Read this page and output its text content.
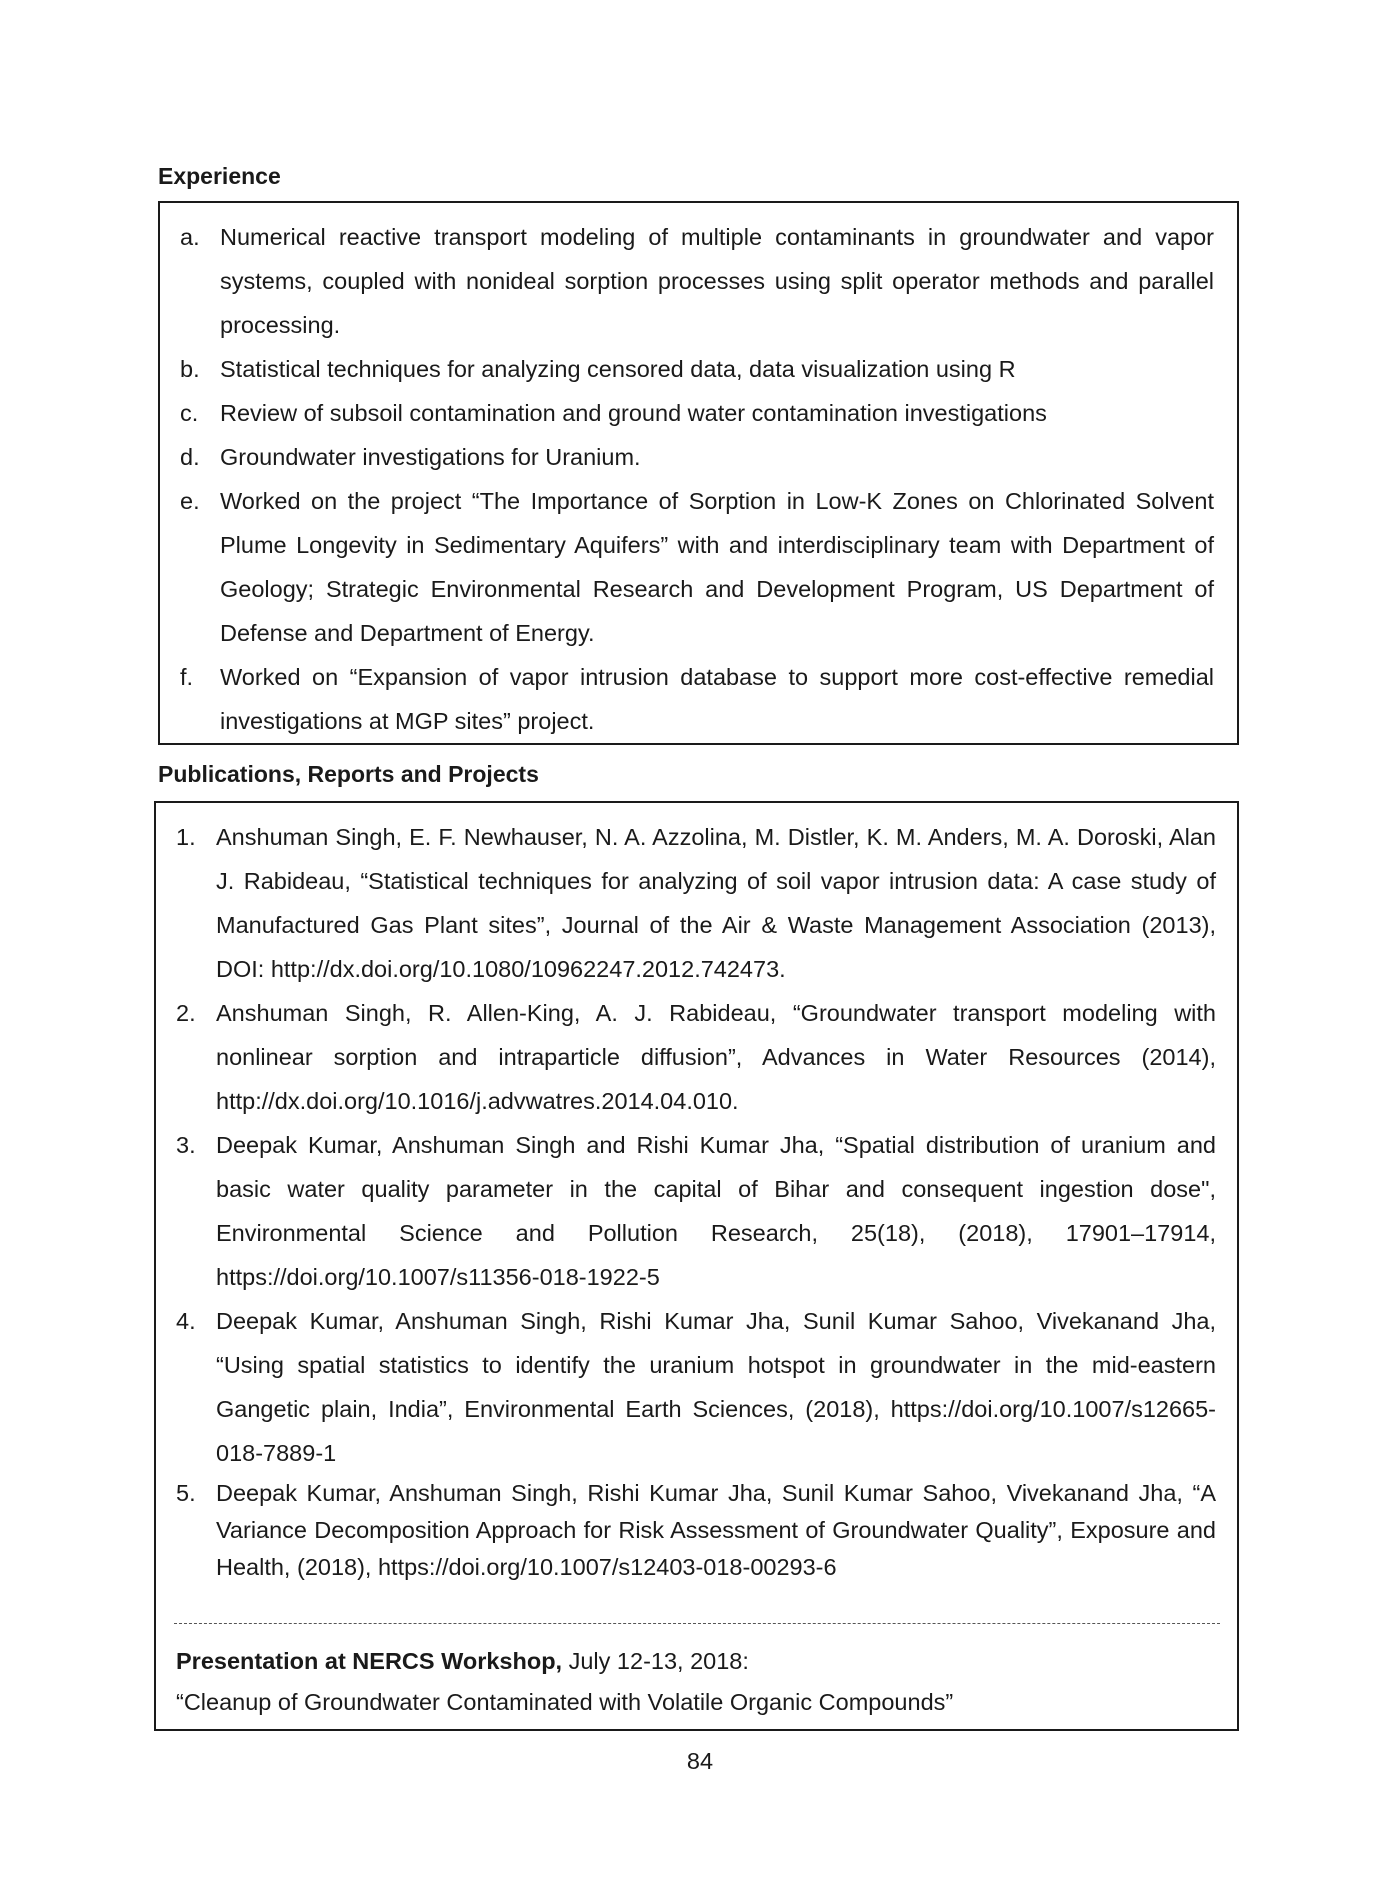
Experience
a. Numerical reactive transport modeling of multiple contaminants in groundwater and vapor systems, coupled with nonideal sorption processes using split operator methods and parallel processing.
b. Statistical techniques for analyzing censored data, data visualization using R
c. Review of subsoil contamination and ground water contamination investigations
d. Groundwater investigations for Uranium.
e. Worked on the project “The Importance of Sorption in Low-K Zones on Chlorinated Solvent Plume Longevity in Sedimentary Aquifers” with and interdisciplinary team with Department of Geology; Strategic Environmental Research and Development Program, US Department of Defense and Department of Energy.
f. Worked on “Expansion of vapor intrusion database to support more cost-effective remedial investigations at MGP sites” project.
Publications, Reports and Projects
1. Anshuman Singh, E. F. Newhauser, N. A. Azzolina, M. Distler, K. M. Anders, M. A. Doroski, Alan J. Rabideau, “Statistical techniques for analyzing of soil vapor intrusion data: A case study of Manufactured Gas Plant sites”, Journal of the Air & Waste Management Association (2013), DOI: http://dx.doi.org/10.1080/10962247.2012.742473.
2. Anshuman Singh, R. Allen-King, A. J. Rabideau, “Groundwater transport modeling with nonlinear sorption and intraparticle diffusion”, Advances in Water Resources (2014), http://dx.doi.org/10.1016/j.advwatres.2014.04.010.
3. Deepak Kumar, Anshuman Singh and Rishi Kumar Jha, “Spatial distribution of uranium and basic water quality parameter in the capital of Bihar and consequent ingestion dose", Environmental Science and Pollution Research, 25(18), (2018), 17901–17914, https://doi.org/10.1007/s11356-018-1922-5
4. Deepak Kumar, Anshuman Singh, Rishi Kumar Jha, Sunil Kumar Sahoo, Vivekanand Jha, “Using spatial statistics to identify the uranium hotspot in groundwater in the mid-eastern Gangetic plain, India”, Environmental Earth Sciences, (2018), https://doi.org/10.1007/s12665-018-7889-1
5. Deepak Kumar, Anshuman Singh, Rishi Kumar Jha, Sunil Kumar Sahoo, Vivekanand Jha, “A Variance Decomposition Approach for Risk Assessment of Groundwater Quality”, Exposure and Health, (2018), https://doi.org/10.1007/s12403-018-00293-6
Presentation at NERCS Workshop, July 12-13, 2018:
“Cleanup of Groundwater Contaminated with Volatile Organic Compounds”
84
